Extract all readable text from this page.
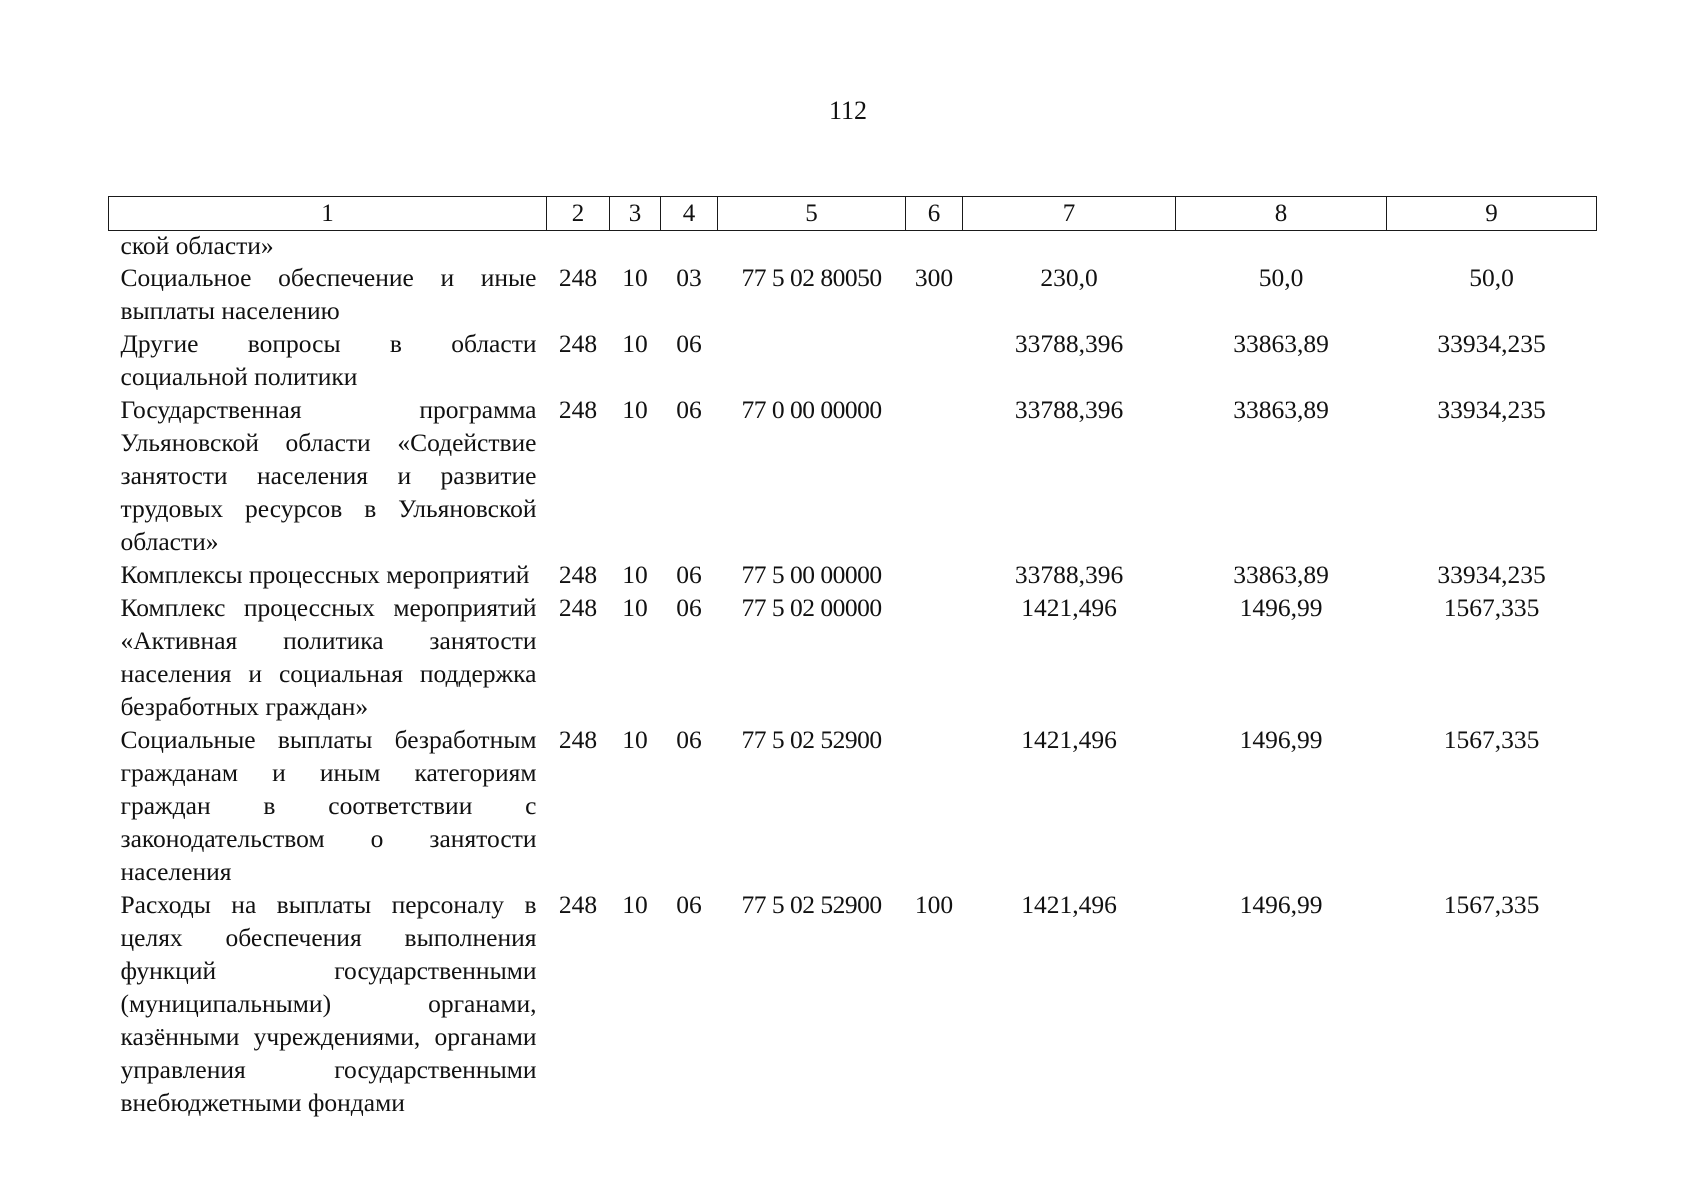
112
1	2	3	4	5	6	7	8	9
ской области»								
Социальное обеспечение и иные выплаты населению	248	10	03	77 5 02 80050	300	230,0	50,0	50,0
Другие вопросы в области социальной политики	248	10	06			33788,396	33863,89	33934,235
Государственная программа Ульяновской области «Содействие занятости населения и развитие трудовых ресурсов в Ульяновской области»	248	10	06	77 0 00 00000		33788,396	33863,89	33934,235
Комплексы процессных мероприятий	248	10	06	77 5 00 00000		33788,396	33863,89	33934,235
Комплекс процессных мероприятий «Активная политика занятости населения и социальная поддержка безработных граждан»	248	10	06	77 5 02 00000		1421,496	1496,99	1567,335
Социальные выплаты безработным гражданам и иным категориям граждан в соответствии с законодательством о занятости населения	248	10	06	77 5 02 52900		1421,496	1496,99	1567,335
Расходы на выплаты персоналу в целях обеспечения выполнения функций государственными (муниципальными) органами, казёнными учреждениями, органами управления государственными внебюджетными фондами	248	10	06	77 5 02 52900	100	1421,496	1496,99	1567,335
